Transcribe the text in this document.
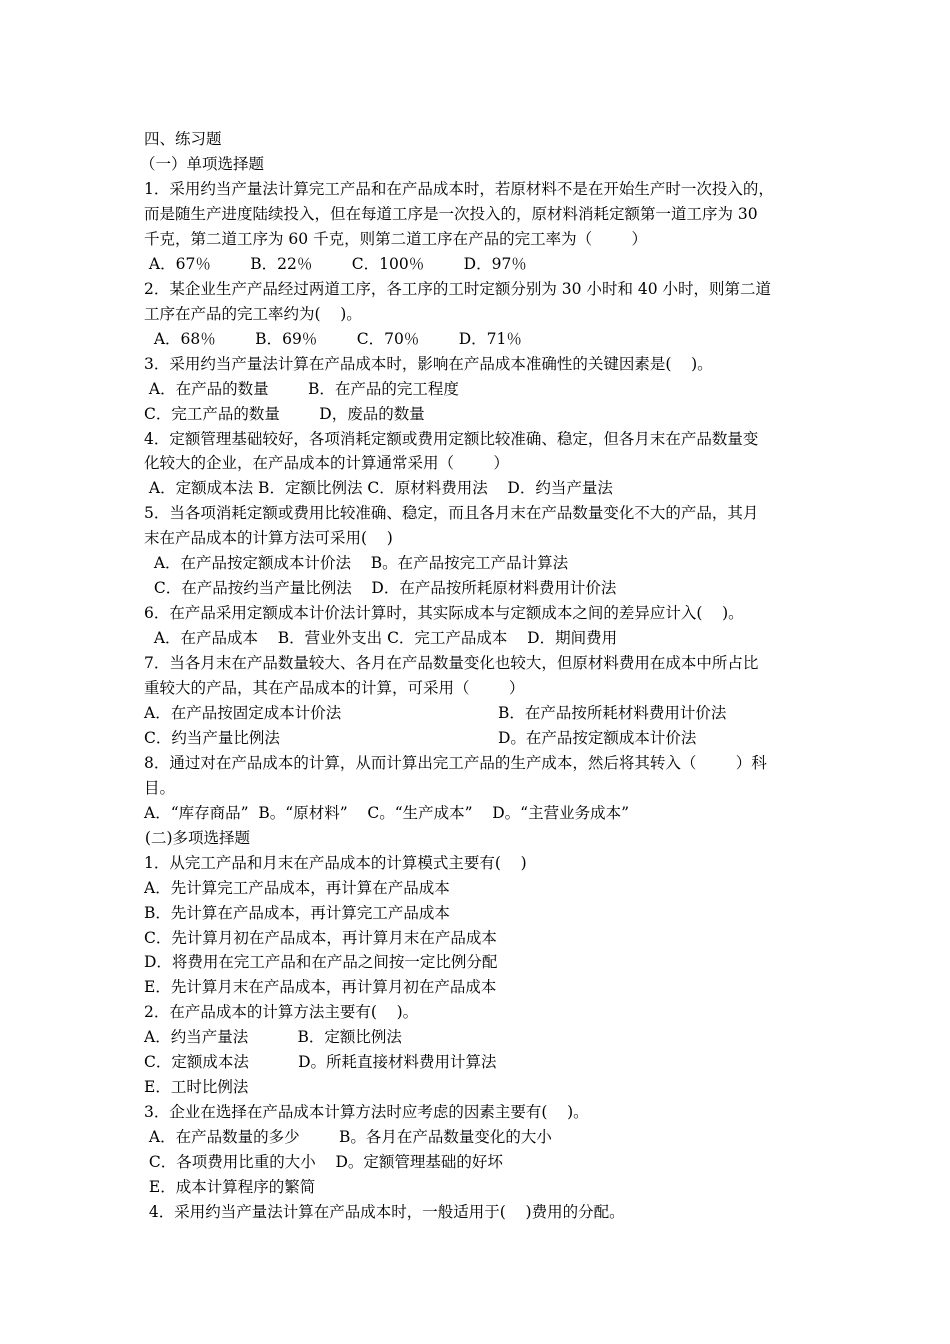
四、练习题
（一）单项选择题
1．采用约当产量法计算完工产品和在产品成本时，若原材料不是在开始生产时一次投入的，
而是随生产进度陆续投入，但在每道工序是一次投入的，原材料消耗定额第一道工序为 30
千克，第二道工序为 60 千克，则第二道工序在产品的完工率为（        ）
A．67％        B．22％        C．100％        D．97％
2．某企业生产产品经过两道工序，各工序的工时定额分别为 30 小时和 40 小时，则第二道
工序在产品的完工率约为(    )。
A．68％        B．69％        C．70％        D．71％
3．采用约当产量法计算在产品成本时，影响在产品成本准确性的关键因素是(    )。
A．在产品的数量        B．在产品的完工程度
C．完工产品的数量        D，废品的数量
4．定额管理基础较好，各项消耗定额或费用定额比较准确、稳定，但各月末在产品数量变
化较大的企业，在产品成本的计算通常采用（        ）
A．定额成本法 B．定额比例法 C．原材料费用法    D．约当产量法
5．当各项消耗定额或费用比较准确、稳定，而且各月末在产品数量变化不大的产品，其月
末在产品成本的计算方法可采用(    )
A．在产品按定额成本计价法    B。在产品按完工产品计算法
C．在产品按约当产量比例法    D．在产品按所耗原材料费用计价法
6．在产品采用定额成本计价法计算时，其实际成本与定额成本之间的差异应计入(    )。
A．在产品成本    B．营业外支出 C．完工产品成本    D．期间费用
7．当各月末在产品数量较大、各月在产品数量变化也较大，但原材料费用在成本中所占比
重较大的产品，其在产品成本的计算，可采用（        ）
A．在产品按固定成本计价法	B．在产品按所耗材料费用计价法
C．约当产量比例法	D。在产品按定额成本计价法
8．通过对在产品成本的计算，从而计算出完工产品的生产成本，然后将其转入（        ）科
目。
A．“库存商品”  B。“原材料”    C。“生产成本”    D。“主营业务成本”
(二)多项选择题
1．从完工产品和月末在产品成本的计算模式主要有(    )
A．先计算完工产品成本，再计算在产品成本
B．先计算在产品成本，再计算完工产品成本
C．先计算月初在产品成本，再计算月末在产品成本
D．将费用在完工产品和在产品之间按一定比例分配
E．先计算月末在产品成本，再计算月初在产品成本
2．在产品成本的计算方法主要有(    )。
A．约当产量法          B．定额比例法
C．定额成本法          D。所耗直接材料费用计算法
E．工时比例法
3．企业在选择在产品成本计算方法时应考虑的因素主要有(    )。
A．在产品数量的多少        B。各月在产品数量变化的大小
C．各项费用比重的大小    D。定额管理基础的好坏
E．成本计算程序的繁简
4．采用约当产量法计算在产品成本时，一般适用于(    )费用的分配。
